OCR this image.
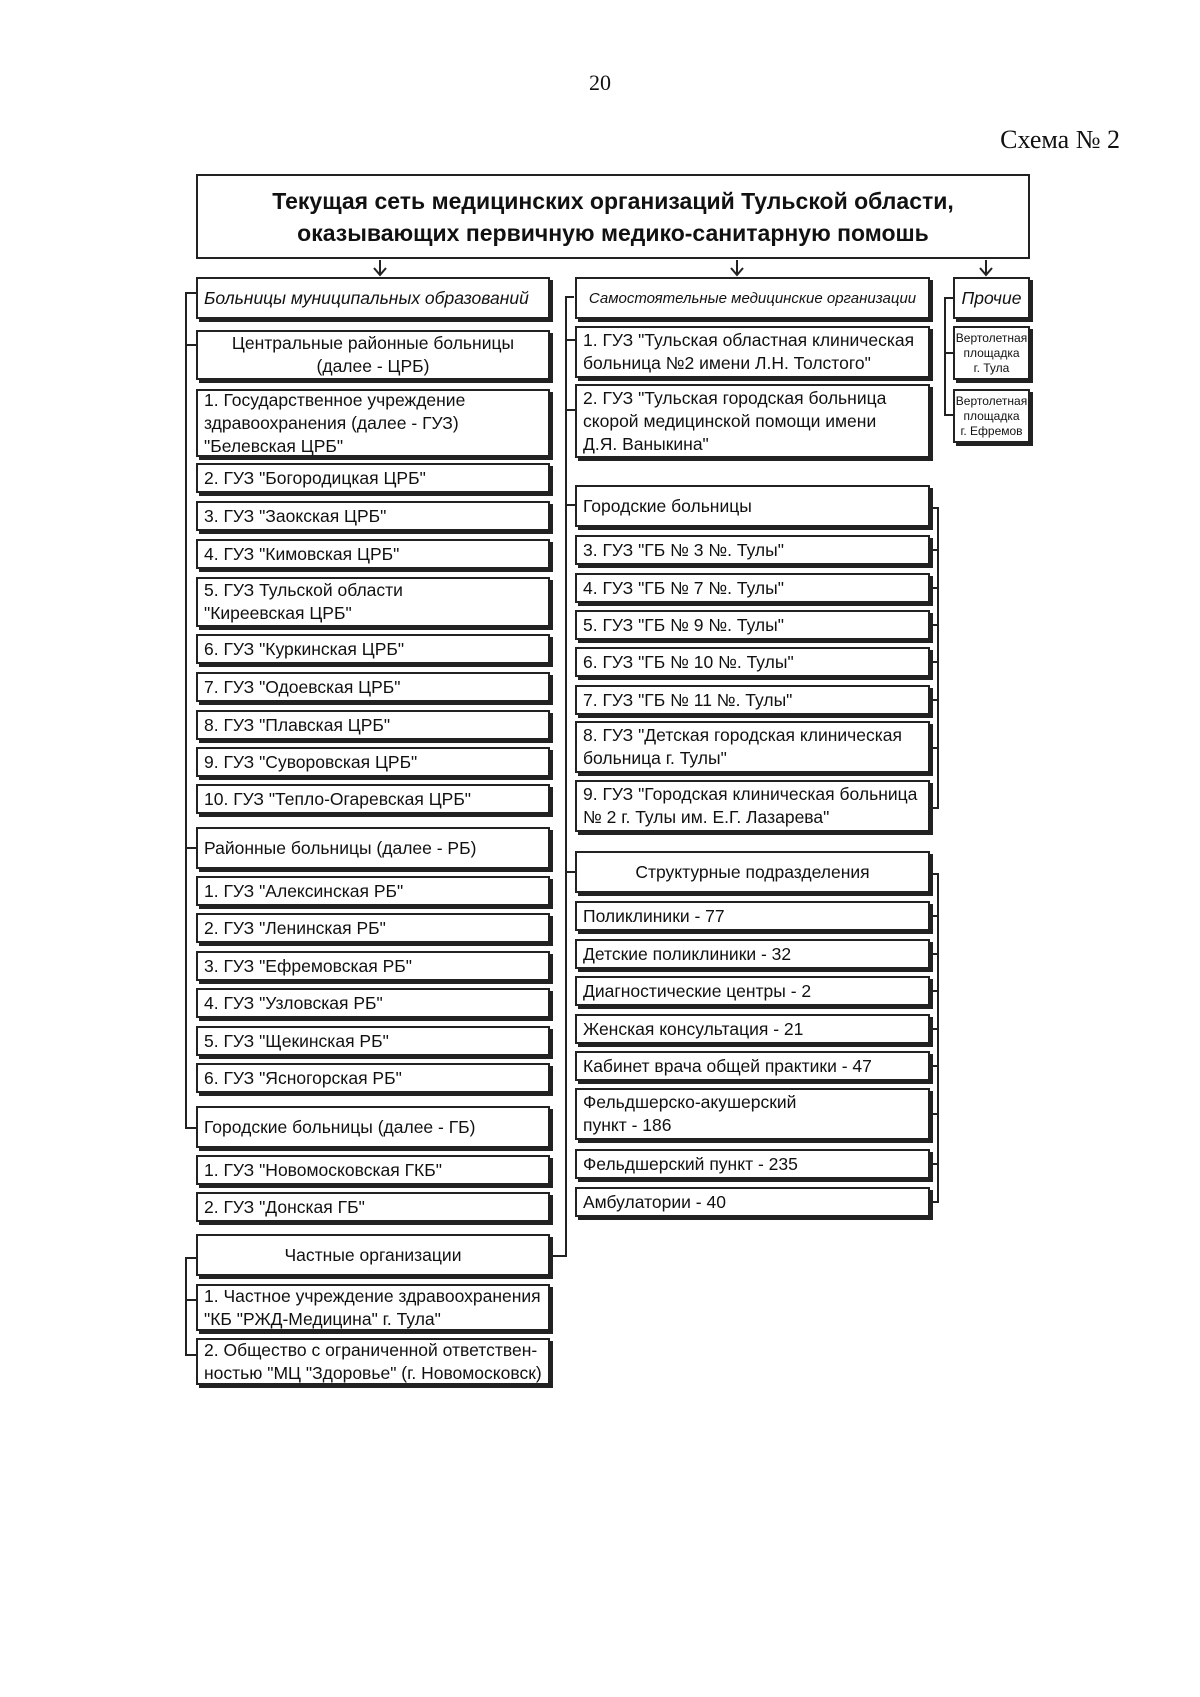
20
Схема № 2
Текущая сеть медицинских организаций Тульской области,
оказывающих первичную медико-санитарную помошь
Больницы муниципальных образований
Центральные районные больницы
(далее - ЦРБ)
1. Государственное учреждение
здравоохранения (далее - ГУЗ)
"Белевская ЦРБ"
2. ГУЗ "Богородицкая ЦРБ"
3. ГУЗ "Заокская ЦРБ"
4. ГУЗ "Кимовская ЦРБ"
5. ГУЗ Тульской области
"Киреевская ЦРБ"
6. ГУЗ "Куркинская ЦРБ"
7. ГУЗ "Одоевская ЦРБ"
8. ГУЗ "Плавская ЦРБ"
9. ГУЗ "Суворовская ЦРБ"
10. ГУЗ "Тепло-Огаревская ЦРБ"
Районные больницы (далее - РБ)
1. ГУЗ "Алексинская РБ"
2. ГУЗ "Ленинская РБ"
3. ГУЗ "Ефремовская РБ"
4. ГУЗ "Узловская РБ"
5. ГУЗ "Щекинская РБ"
6. ГУЗ "Ясногорская РБ"
Городские больницы (далее - ГБ)
1. ГУЗ "Новомосковская ГКБ"
2. ГУЗ "Донская ГБ"
Частные организации
1. Частное учреждение здравоохранения
"КБ "РЖД-Медицина" г. Тула"
2. Общество с ограниченной ответствен-
ностью "МЦ "Здоровье" (г. Новомосковск)
Самостоятельные медицинские организации
1. ГУЗ "Тульская областная клиническая
больница №2 имени Л.Н. Толстого"
2. ГУЗ "Тульская городская больница
скорой медицинской помощи имени
Д.Я. Ваныкина"
Городские больницы
3. ГУЗ "ГБ № 3 №. Тулы"
4. ГУЗ "ГБ № 7 №. Тулы"
5. ГУЗ "ГБ № 9 №. Тулы"
6. ГУЗ "ГБ № 10 №. Тулы"
7. ГУЗ "ГБ № 11 №. Тулы"
8. ГУЗ "Детская городская клиническая
больница г. Тулы"
9. ГУЗ "Городская клиническая больница
№ 2 г. Тулы им. Е.Г. Лазарева"
Структурные подразделения
Поликлиники - 77
Детские поликлиники - 32
Диагностические центры - 2
Женская консультация - 21
Кабинет врача общей практики - 47
Фельдшерско-акушерский
пункт - 186
Фельдшерский пункт - 235
Амбулатории - 40
Прочие
Вертолетная
площадка
г. Тула
Вертолетная
площадка
г. Ефремов
